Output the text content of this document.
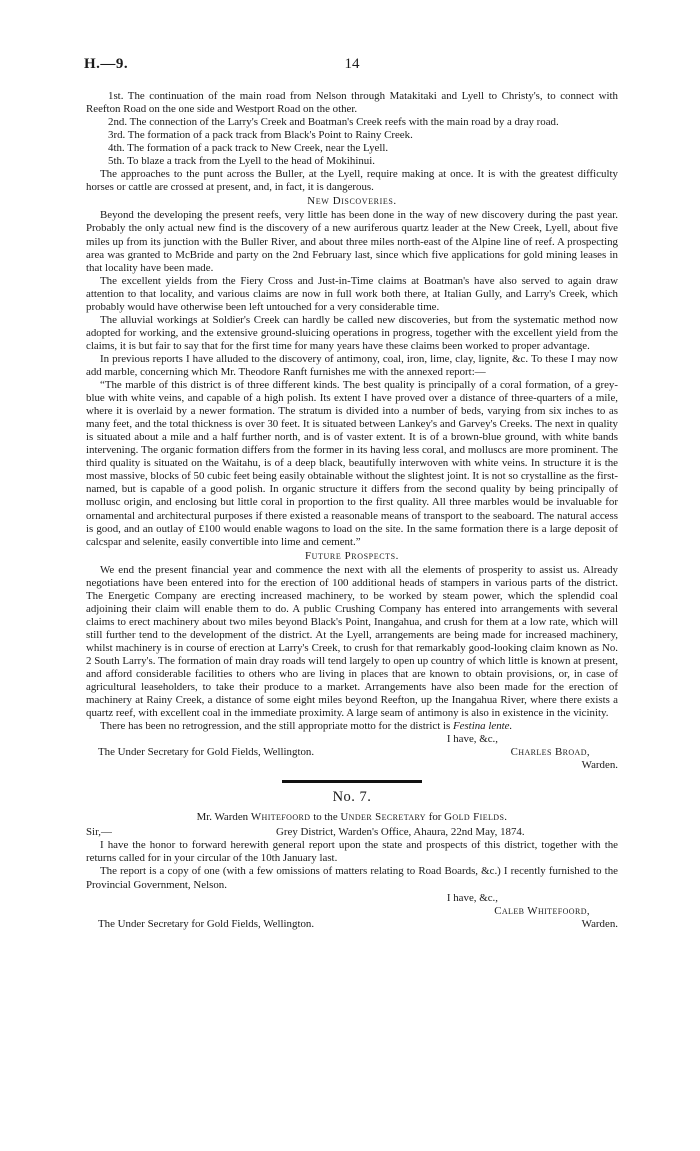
H.—9.	14

1st. The continuation of the main road from Nelson through Matakitaki and Lyell to Christy's, to connect with Reefton Road on the one side and Westport Road on the other.

2nd. The connection of the Larry's Creek and Boatman's Creek reefs with the main road by a dray road.

3rd. The formation of a pack track from Black's Point to Rainy Creek.

4th. The formation of a pack track to New Creek, near the Lyell.

5th. To blaze a track from the Lyell to the head of Mokihinui.

The approaches to the punt across the Buller, at the Lyell, require making at once. It is with the greatest difficulty horses or cattle are crossed at present, and, in fact, it is dangerous.

New Discoveries.

Beyond the developing the present reefs, very little has been done in the way of new discovery during the past year. Probably the only actual new find is the discovery of a new auriferous quartz leader at the New Creek, Lyell, about five miles up from its junction with the Buller River, and about three miles north-east of the Alpine line of reef. A prospecting area was granted to McBride and party on the 2nd February last, since which five applications for gold mining leases in that locality have been made.

The excellent yields from the Fiery Cross and Just-in-Time claims at Boatman's have also served to again draw attention to that locality, and various claims are now in full work both there, at Italian Gully, and Larry's Creek, which probably would have otherwise been left untouched for a very considerable time.

The alluvial workings at Soldier's Creek can hardly be called new discoveries, but from the systematic method now adopted for working, and the extensive ground-sluicing operations in progress, together with the excellent yield from the claims, it is but fair to say that for the first time for many years have these claims been worked to proper advantage.

In previous reports I have alluded to the discovery of antimony, coal, iron, lime, clay, lignite, &c. To these I may now add marble, concerning which Mr. Theodore Ranft furnishes me with the annexed report:—

“The marble of this district is of three different kinds. The best quality is principally of a coral formation, of a grey-blue with white veins, and capable of a high polish. Its extent I have proved over a distance of three-quarters of a mile, where it is overlaid by a newer formation. The stratum is divided into a number of beds, varying from six inches to as many feet, and the total thickness is over 30 feet. It is situated between Lankey's and Garvey's Creeks. The next in quality is situated about a mile and a half further north, and is of vaster extent. It is of a brown-blue ground, with white bands intervening. The organic formation differs from the former in its having less coral, and molluscs are more prominent. The third quality is situated on the Waitahu, is of a deep black, beautifully interwoven with white veins. In structure it is the most massive, blocks of 50 cubic feet being easily obtainable without the slightest joint. It is not so crystalline as the first-named, but is capable of a good polish. In organic structure it differs from the second quality by being principally of mollusc origin, and enclosing but little coral in proportion to the first quality. All three marbles would be invaluable for ornamental and architectural purposes if there existed a reasonable means of transport to the seaboard. The natural access is good, and an outlay of £100 would enable wagons to load on the site. In the same formation there is a large deposit of calcspar and selenite, easily convertible into lime and cement.”

Future Prospects.

We end the present financial year and commence the next with all the elements of prosperity to assist us. Already negotiations have been entered into for the erection of 100 additional heads of stampers in various parts of the district. The Energetic Company are erecting increased machinery, to be worked by steam power, which the splendid coal adjoining their claim will enable them to do. A public Crushing Company has entered into arrangements with several claims to erect machinery about two miles beyond Black's Point, Inangahua, and crush for them at a low rate, which will still further tend to the development of the district. At the Lyell, arrangements are being made for increased machinery, whilst machinery is in course of erection at Larry's Creek, to crush for that remarkably good-looking claim known as No. 2 South Larry's. The formation of main dray roads will tend largely to open up country of which little is known at present, and afford considerable facilities to others who are living in places that are known to obtain provisions, or, in case of agricultural leaseholders, to take their produce to a market. Arrangements have also been made for the erection of machinery at Rainy Creek, a distance of some eight miles beyond Reefton, up the Inangahua River, where there exists a quartz reef, with excellent coal in the immediate proximity. A large seam of antimony is also in existence in the vicinity.

There has been no retrogression, and the still appropriate motto for the district is Festina lente.

I have, &c.,
The Under Secretary for Gold Fields, Wellington.	Charles Broad,
Warden.
No. 7.
Mr. Warden Whitefoord to the Under Secretary for Gold Fields.
Sir,—	Grey District, Warden's Office, Ahaura, 22nd May, 1874.

I have the honor to forward herewith general report upon the state and prospects of this district, together with the returns called for in your circular of the 10th January last.

The report is a copy of one (with a few omissions of matters relating to Road Boards, &c.) I recently furnished to the Provincial Government, Nelson.

I have, &c.,
Caleb Whitefoord,
The Under Secretary for Gold Fields, Wellington.	Warden.
